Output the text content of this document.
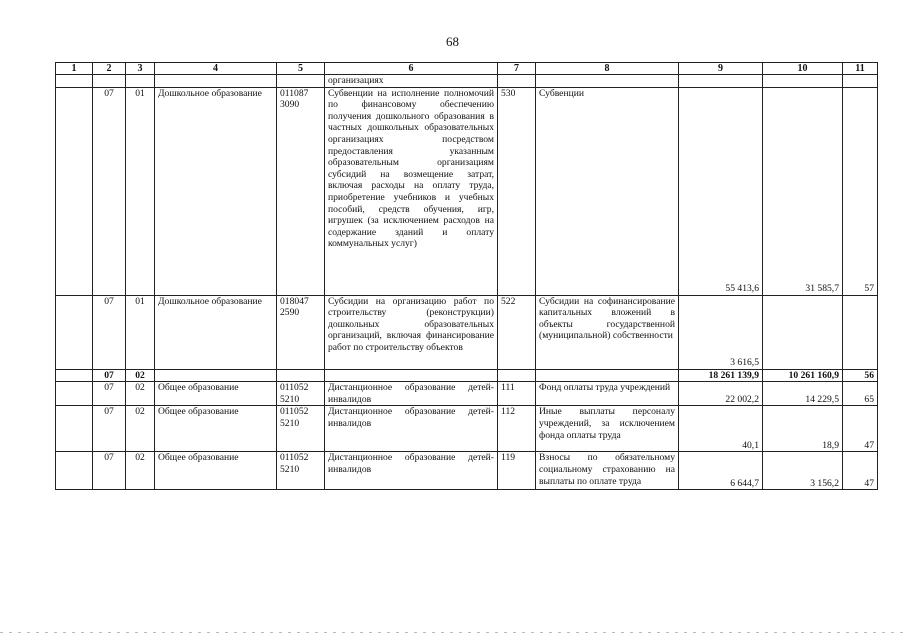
68
1	2	3	4	5	6	7	8	9	10	11
					организациях					
	07	01	Дошкольное образование	011087 3090	Субвенции на исполнение полномочий по финансовому обеспечению получения дошкольного образования в частных дошкольных образовательных организациях посредством предоставления указанным образовательным организациям субсидий на возмещение затрат, включая расходы на оплату труда, приобретение учебников и учебных пособий, средств обучения, игр, игрушек (за исключением расходов на содержание зданий и оплату коммунальных услуг)	530	Субвенции	55 413,6	31 585,7	57
	07	01	Дошкольное образование	018047 2590	Субсидии на организацию работ по строительству (реконструкции) дошкольных образовательных организаций, включая финансирование работ по строительству объектов	522	Субсидии на софинансирование капитальных вложений в объекты государственной (муниципальной) собственности	3 616,5		
	07	02						18 261 139,9	10 261 160,9	56
	07	02	Общее образование	011052 5210	Дистанционное образование детей-инвалидов	111	Фонд оплаты труда учреждений	22 002,2	14 229,5	65
	07	02	Общее образование	011052 5210	Дистанционное образование детей-инвалидов	112	Иные выплаты персоналу учреждений, за исключением фонда оплаты труда	40,1	18,9	47
	07	02	Общее образование	011052 5210	Дистанционное образование детей-инвалидов	119	Взносы по обязательному социальному страхованию на выплаты по оплате труда	6 644,7	3 156,2	47
